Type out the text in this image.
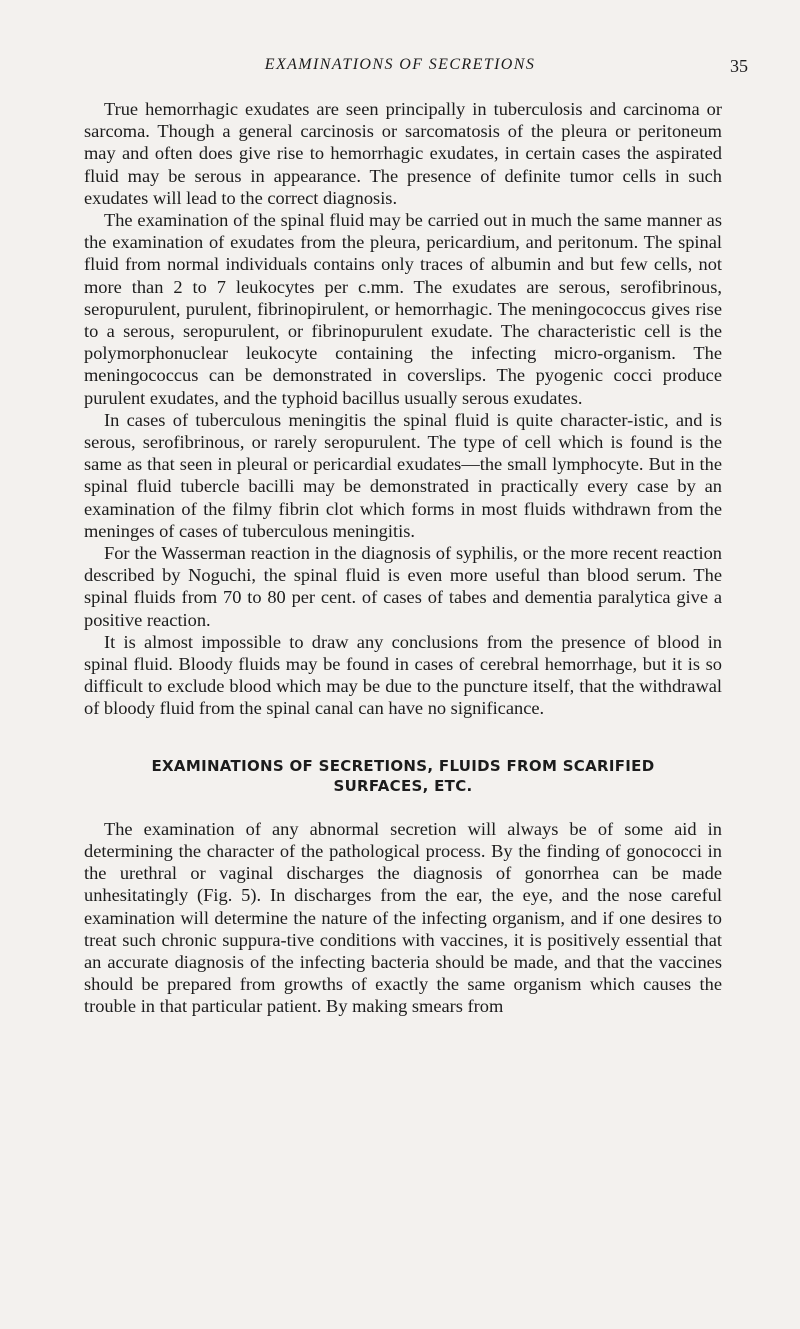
EXAMINATIONS OF SECRETIONS	35

True hemorrhagic exudates are seen principally in tuberculosis and carcinoma or sarcoma. Though a general carcinosis or sarcomatosis of the pleura or peritoneum may and often does give rise to hemorrhagic exudates, in certain cases the aspirated fluid may be serous in appearance. The presence of definite tumor cells in such exudates will lead to the correct diagnosis.

The examination of the spinal fluid may be carried out in much the same manner as the examination of exudates from the pleura, pericardium, and peritonum. The spinal fluid from normal individuals contains only traces of albumin and but few cells, not more than 2 to 7 leukocytes per c.mm. The exudates are serous, serofibrinous, seropurulent, purulent, fibrinopirulent, or hemorrhagic. The meningococcus gives rise to a serous, seropurulent, or fibrinopurulent exudate. The characteristic cell is the polymorphonuclear leukocyte containing the infecting micro-organism. The meningococcus can be demonstrated in coverslips. The pyogenic cocci produce purulent exudates, and the typhoid bacillus usually serous exudates.

In cases of tuberculous meningitis the spinal fluid is quite character-istic, and is serous, serofibrinous, or rarely seropurulent. The type of cell which is found is the same as that seen in pleural or pericardial exudates—the small lymphocyte. But in the spinal fluid tubercle bacilli may be demonstrated in practically every case by an examination of the filmy fibrin clot which forms in most fluids withdrawn from the meninges of cases of tuberculous meningitis.

For the Wasserman reaction in the diagnosis of syphilis, or the more recent reaction described by Noguchi, the spinal fluid is even more useful than blood serum. The spinal fluids from 70 to 80 per cent. of cases of tabes and dementia paralytica give a positive reaction.

It is almost impossible to draw any conclusions from the presence of blood in spinal fluid. Bloody fluids may be found in cases of cerebral hemorrhage, but it is so difficult to exclude blood which may be due to the puncture itself, that the withdrawal of bloody fluid from the spinal canal can have no significance.

EXAMINATIONS OF SECRETIONS, FLUIDS FROM SCARIFIED SURFACES, ETC.

The examination of any abnormal secretion will always be of some aid in determining the character of the pathological process. By the finding of gonococci in the urethral or vaginal discharges the diagnosis of gonorrhea can be made unhesitatingly (Fig. 5). In discharges from the ear, the eye, and the nose careful examination will determine the nature of the infecting organism, and if one desires to treat such chronic suppura-tive conditions with vaccines, it is positively essential that an accurate diagnosis of the infecting bacteria should be made, and that the vaccines should be prepared from growths of exactly the same organism which causes the trouble in that particular patient. By making smears from
